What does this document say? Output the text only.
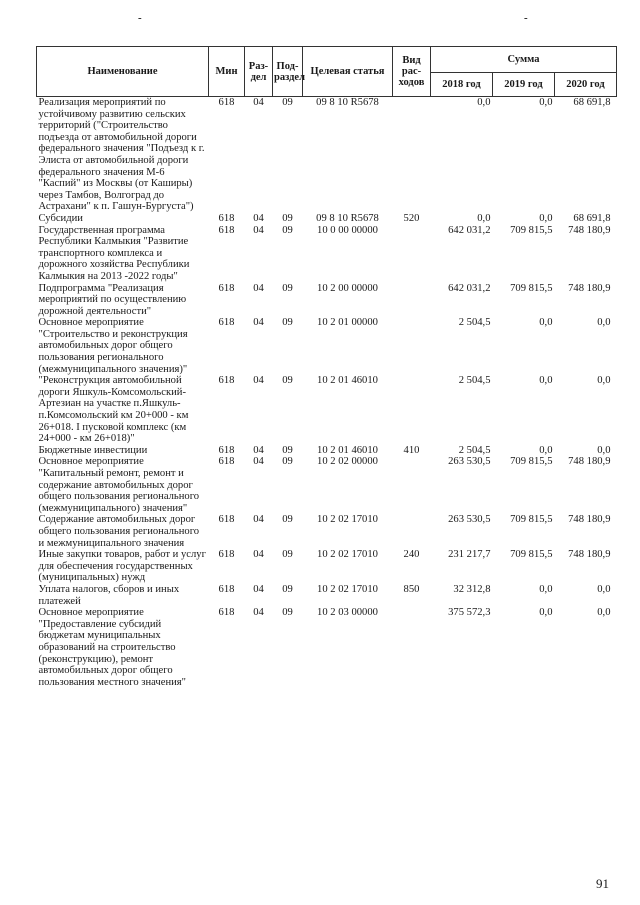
-	-
Наименование	Мин	Раз-дел	Под-раздел	Целевая статья	Вид рас-ходов	Сумма		
						2018 год	2019 год	2020 год
Реализация мероприятий по устойчивому развитию сельских территорий ("Строительство подъезда от автомобильной дороги федерального значения "Подъезд к г. Элиста от автомобильной дороги федерального значения М-6 "Каспий" из Москвы (от Каширы) через Тамбов, Волгоград до Астрахани" к п. Гашун-Бургуста")	618	04	09	09 8 10 R5678		0,0	0,0	68 691,8
Субсидии	618	04	09	09 8 10 R5678	520	0,0	0,0	68 691,8
Государственная программа Республики Калмыкия "Развитие транспортного комплекса и дорожного хозяйства Республики Калмыкия на 2013 -2022 годы"	618	04	09	10 0 00 00000		642 031,2	709 815,5	748 180,9
Подпрограмма "Реализация мероприятий по осуществлению дорожной деятельности"	618	04	09	10 2 00 00000		642 031,2	709 815,5	748 180,9
Основное мероприятие "Строительство и реконструкция автомобильных дорог общего пользования регионального (межмуниципального значения)"	618	04	09	10 2 01 00000		2 504,5	0,0	0,0
"Реконструкция автомобильной дороги Яшкуль-Комсомольский-Артезиан на участке п.Яшкуль-п.Комсомольский км 20+000 - км 26+018. I пусковой комплекс (км 24+000 - км 26+018)"	618	04	09	10 2 01 46010		2 504,5	0,0	0,0
Бюджетные инвестиции	618	04	09	10 2 01 46010	410	2 504,5	0,0	0,0
Основное мероприятие "Капитальный ремонт, ремонт и содержание автомобильных дорог общего пользования регионального (межмуниципального) значения"	618	04	09	10 2 02 00000		263 530,5	709 815,5	748 180,9
Содержание автомобильных дорог общего пользования регионального и межмуниципального значения	618	04	09	10 2 02 17010		263 530,5	709 815,5	748 180,9
Иные закупки товаров, работ и услуг для обеспечения государственных (муниципальных) нужд	618	04	09	10 2 02 17010	240	231 217,7	709 815,5	748 180,9
Уплата налогов, сборов и иных платежей	618	04	09	10 2 02 17010	850	32 312,8	0,0	0,0
Основное мероприятие "Предоставление субсидий бюджетам муниципальных образований на строительство (реконструкцию), ремонт автомобильных дорог общего пользования местного значения"	618	04	09	10 2 03 00000		375 572,3	0,0	0,0
91
